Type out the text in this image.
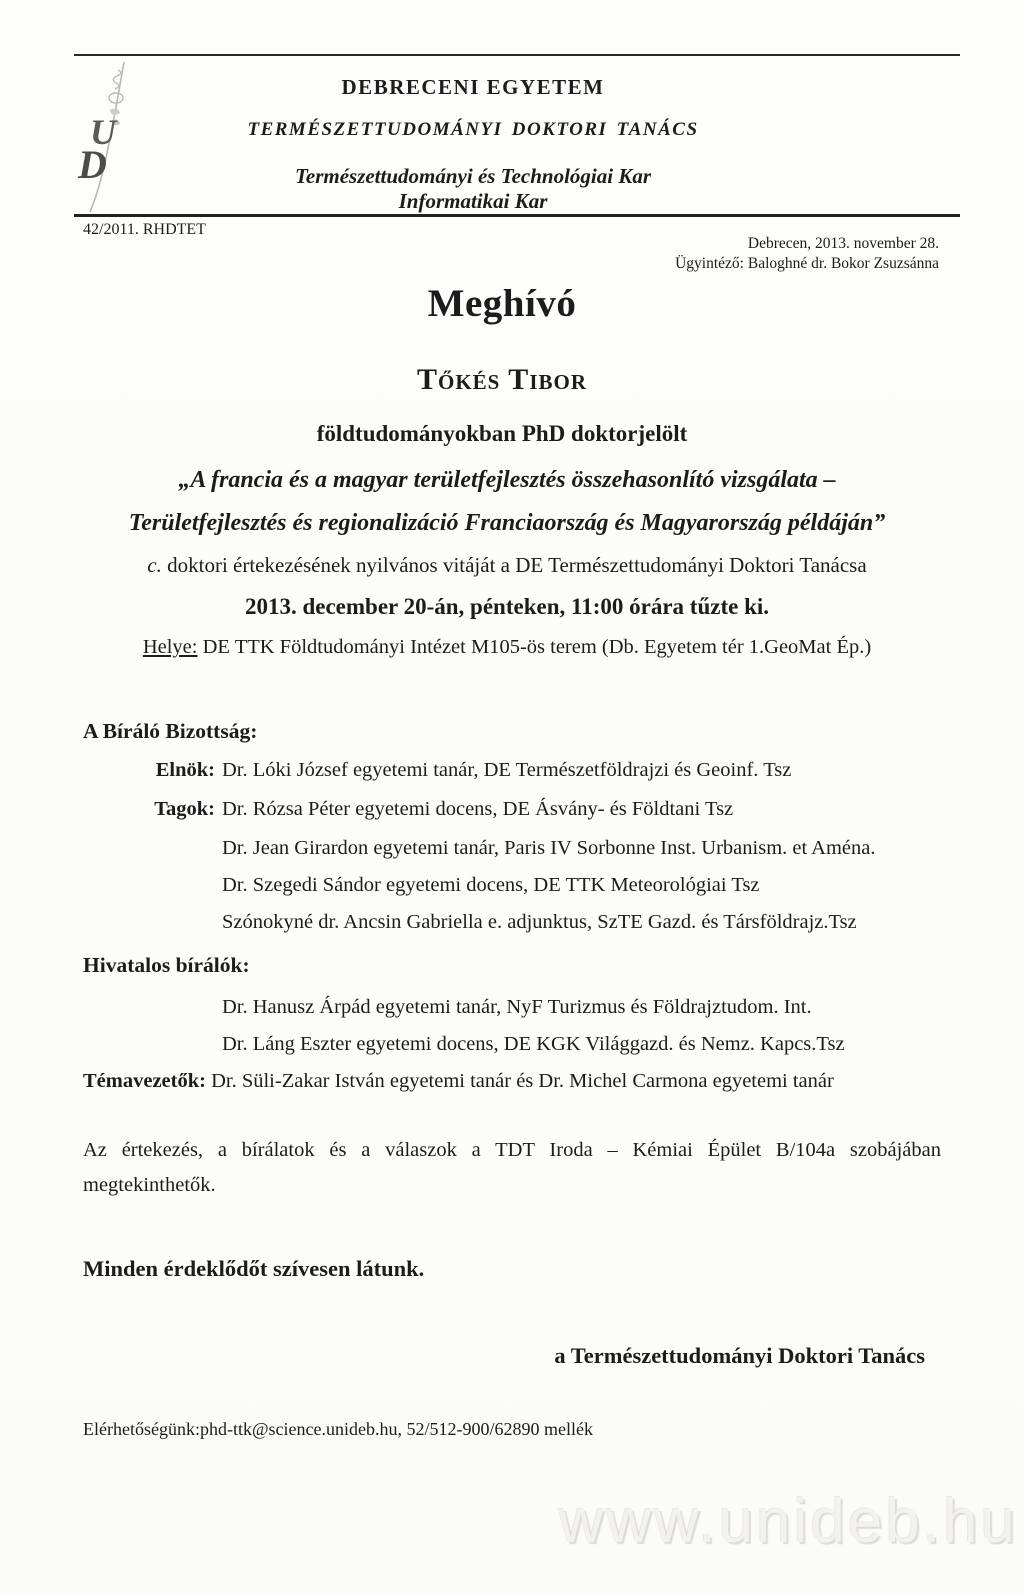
U
D
DEBRECENI EGYETEM
TERMÉSZETTUDOMÁNYI DOKTORI TANÁCS
Természettudományi és Technológiai Kar
Informatikai Kar
42/2011. RHDTET
Debrecen, 2013. november 28.
Ügyintéző: Baloghné dr. Bokor Zsuzsánna
Meghívó
Tőkés Tibor
földtudományokban PhD doktorjelölt
„A francia és a magyar területfejlesztés összehasonlító vizsgálata –
Területfejlesztés és regionalizáció Franciaország és Magyarország példáján”
c. doktori értekezésének nyilvános vitáját a DE Természettudományi Doktori Tanácsa
2013. december 20-án, pénteken, 11:00 órára tűzte ki.
Helye: DE TTK Földtudományi Intézet M105-ös terem (Db. Egyetem tér 1.GeoMat Ép.)
A Bíráló Bizottság:
Elnök: Dr. Lóki József egyetemi tanár, DE Természetföldrajzi és Geoinf. Tsz
Tagok: Dr. Rózsa Péter egyetemi docens, DE Ásvány- és Földtani Tsz
Dr. Jean Girardon egyetemi tanár, Paris IV Sorbonne Inst. Urbanism. et Aména.
Dr. Szegedi Sándor egyetemi docens, DE TTK Meteorológiai Tsz
Szónokyné dr. Ancsin Gabriella e. adjunktus, SzTE Gazd. és Társföldrajz.Tsz
Hivatalos bírálók:
Dr. Hanusz Árpád egyetemi tanár, NyF Turizmus és Földrajztudom. Int.
Dr. Láng Eszter egyetemi docens, DE KGK Világgazd. és Nemz. Kapcs.Tsz
Témavezetők: Dr. Süli-Zakar István egyetemi tanár és Dr. Michel Carmona egyetemi tanár
Az értekezés, a bírálatok és a válaszok a TDT Iroda – Kémiai Épület B/104a szobájában megtekinthetők.
Minden érdeklődőt szívesen látunk.
a Természettudományi Doktori Tanács
Elérhetőségünk:phd-ttk@science.unideb.hu, 52/512-900/62890 mellék
www.unideb.hu
